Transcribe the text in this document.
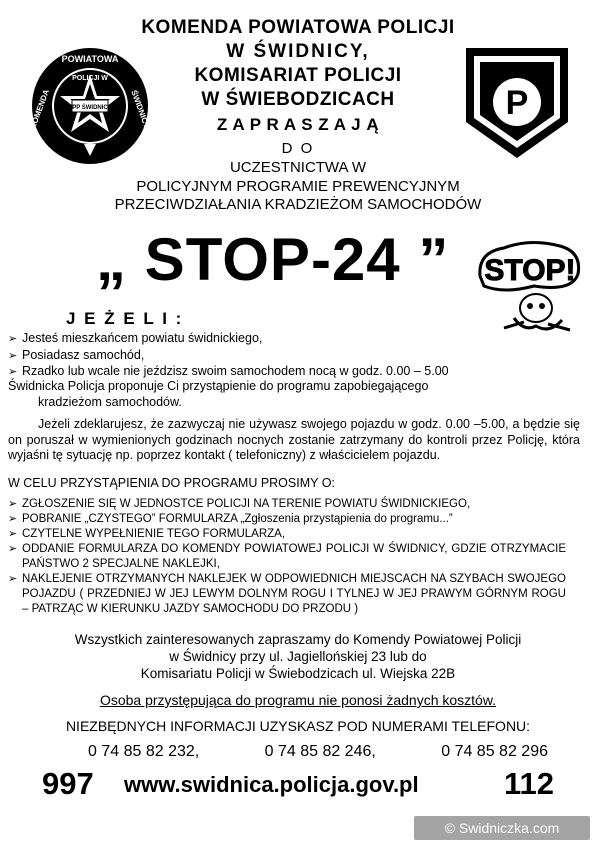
KOMENDA POWIATOWA POLICJI
W ŚWIDNICY,
KOMISARIAT POLICJI
W ŚWIEBODZICACH
Z A P R A S Z A J Ą
D O
UCZESTNICTWA W
POLICYJNYM PROGRAMIE PREWENCYJNYM
PRZECIWDZIAŁANIA KRADZIEŻOM SAMOCHODÓW
KPP ŚWIDNICA
POWIATOWA
POLICJI W
KOMENDA	ŚWIDNICY	P
„ STOP-24 ”	STOP!
J E Ż E L I :
➢ Jesteś mieszkańcem powiatu świdnickiego,
➢ Posiadasz samochód,
➢ Rzadko lub wcale nie jeździsz swoim samochodem nocą w godz. 0.00 – 5.00
Świdnicka Policja proponuje Ci przystąpienie do programu zapobiegającego
kradzieżom samochodów.
Jeżeli zdeklarujesz, że zazwyczaj nie używasz swojego pojazdu w godz. 0.00 –5.00, a będzie się on poruszał w wymienionych godzinach nocnych zostanie zatrzymany do kontroli przez Policję, która wyjaśni tę sytuację np. poprzez kontakt ( telefoniczny) z właścicielem pojazdu.
W CELU PRZYSTĄPIENIA DO PROGRAMU PROSIMY O:
➢ ZGŁOSZENIE SIĘ W JEDNOSTCE POLICJI NA TERENIE POWIATU ŚWIDNICKIEGO,
➢ POBRANIE „CZYSTEGO” FORMULARZA „Zgłoszenia przystąpienia do programu...”
➢ CZYTELNE WYPEŁNIENIE TEGO FORMULARZA,
➢ ODDANIE FORMULARZA DO KOMENDY POWIATOWEJ POLICJI W ŚWIDNICY, GDZIE OTRZYMACIE PAŃSTWO 2 SPECJALNE NAKLEJKI,
➢ NAKLEJENIE OTRZYMANYCH NAKLEJEK W ODPOWIEDNICH MIEJSCACH NA SZYBACH SWOJEGO POJAZDU ( PRZEDNIEJ W JEJ LEWYM DOLNYM ROGU I TYLNEJ W JEJ PRAWYM GÓRNYM ROGU – PATRZĄC W KIERUNKU JAZDY SAMOCHODU DO PRZODU )
Wszystkich zainteresowanych zapraszamy do Komendy Powiatowej Policji
w Świdnicy przy ul. Jagiellońskiej 23 lub do
Komisariatu Policji w Świebodzicach ul. Wiejska 22B
Osoba przystępująca do programu nie ponosi żadnych kosztów.
NIEZBĘDNYCH INFORMACJI UZYSKASZ POD NUMERAMI TELEFONU:
0 74 85 82 232,	0 74 85 82 246,	0 74 85 82 296
997 www.swidnica.policja.gov.pl	112
© Swidniczka.com
